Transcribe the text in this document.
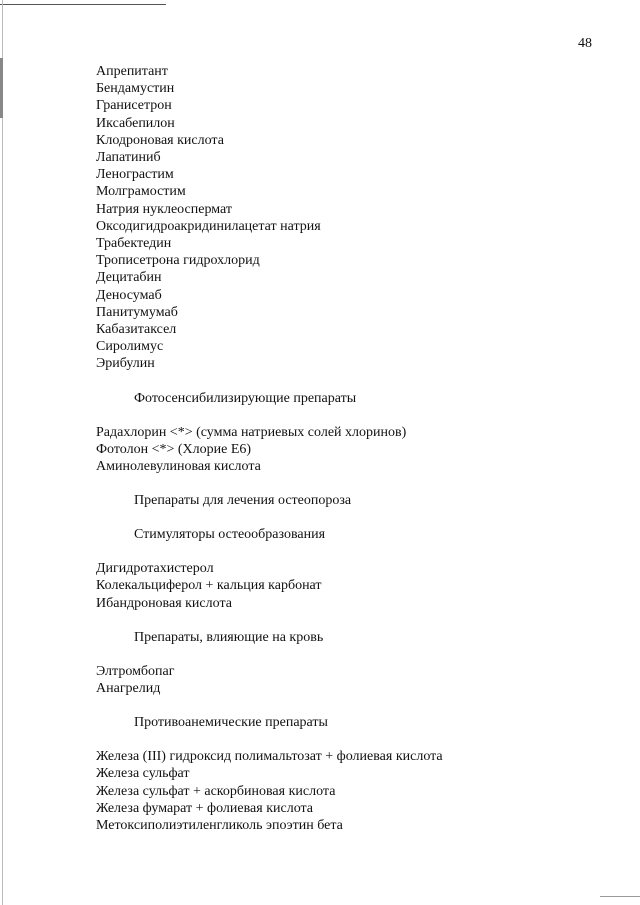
48
Апрепитант
Бендамустин
Гранисетрон
Иксабепилон
Клодроновая кислота
Лапатиниб
Ленограстим
Молграмостим
Натрия нуклеоспермат
Оксодигидроакридинилацетат натрия
Трабектедин
Трописетрона гидрохлорид
Децитабин
Деносумаб
Панитумумаб
Кабазитаксел
Сиролимус
Эрибулин
Фотосенсибилизирующие препараты
Радахлорин <*> (сумма натриевых солей хлоринов)
Фотолон <*> (Хлорие Е6)
Аминолевулиновая кислота
Препараты для лечения остеопороза
Стимуляторы остеообразования
Дигидротахистерол
Колекальциферол + кальция карбонат
Ибандроновая кислота
Препараты, влияющие на кровь
Элтромбопаг
Анагрелид
Противоанемические препараты
Железа (III) гидроксид полимальтозат + фолиевая кислота
Железа сульфат
Железа сульфат + аскорбиновая кислота
Железа фумарат + фолиевая кислота
Метоксиполиэтиленгликоль эпоэтин бета
